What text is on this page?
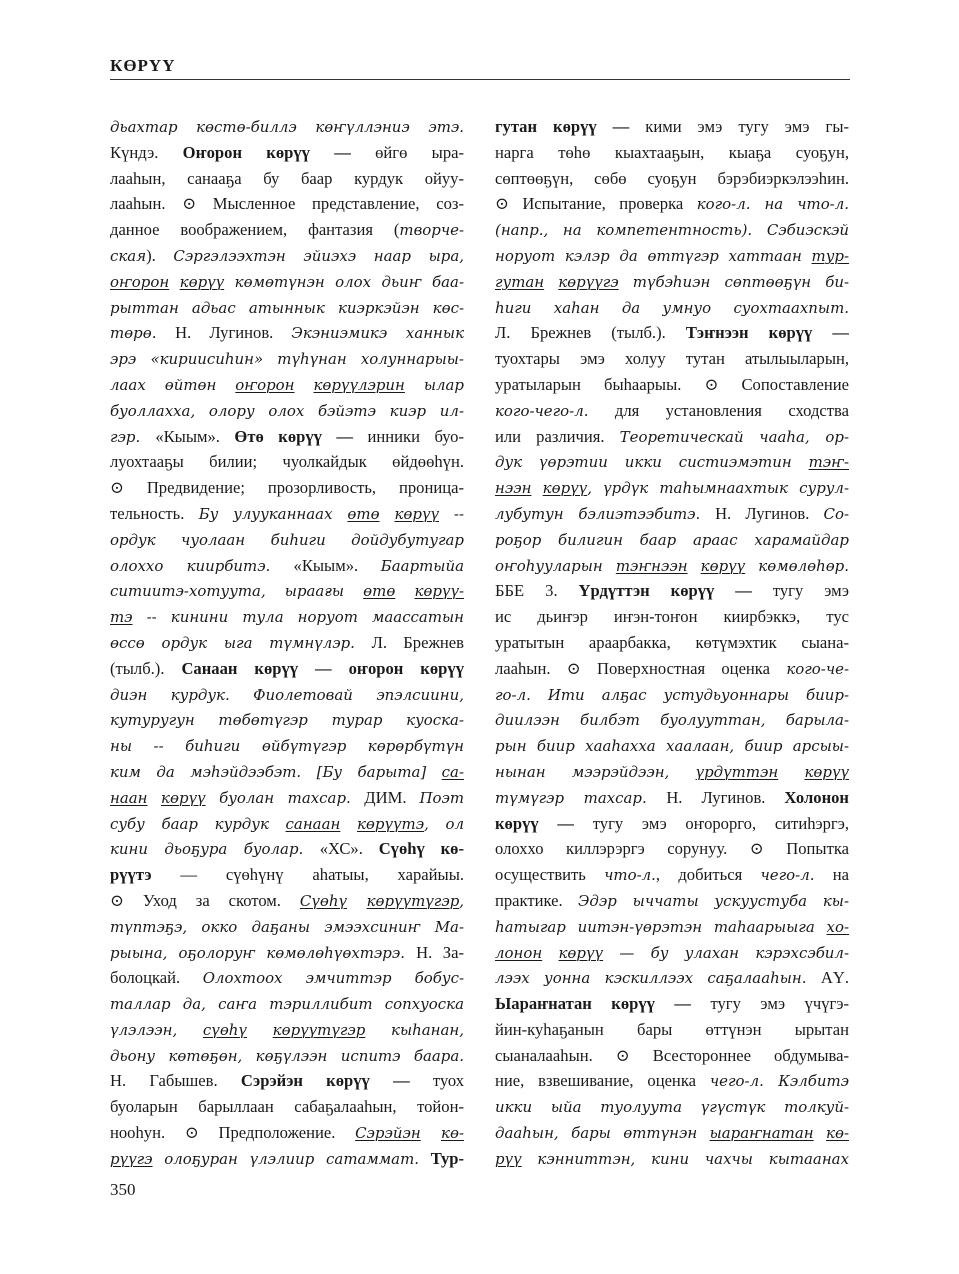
КӨРҮҮ
дьахтар көстө-биллэ көҥүллэниэ этэ.
Күндэ. Оҥорон көрүү — өйгө ыра-
лааһын, санааҕа бу баар курдук ойуу-
лааһын. ⊙ Мысленное представление, соз-
данное воображением, фантазия (творче-
ская). Сэргэлээхтэн эйиэхэ наар ыра,
оҥорон көрүү көмөтүнэн олох дьиҥ баа-
рыттан адьас атыннык киэркэйэн көс-
төрө. Н. Лугинов. Экэниэмикэ ханнык
эрэ «кириисиһин» түһүнан холуннарыы-
лаах өйтөн оҥорон көрүүлэрин ылар
буоллахха, олору олох бэйэтэ киэр ил-
гэр. «Кыым». Өтө көрүү — инники буо-
луохтааҕы билии; чуолкайдык өйдөөһүн.
⊙ Предвидение; прозорливость, проница-
тельность. Бу улууканнаах өтө көрүү --
ордук чуолаан биһиги дойдубутугар
олоххо киирбитэ. «Кыым». Баартыйа
ситиитэ-хотуута, ыраағы өтө көрүү-
тэ -- кинини тула норуот маассатын
өссө ордук ыга түмнүлэр. Л. Брежнев
(тылб.). Санаан көрүү — оҥорон көрүү
диэн курдук. Фиолетовай эпэлсиини,
кутуругун төбөтүгэр турар куоска-
ны -- биһиги өйбүтүгэр көрөрбүтүн
ким да мэһэйдээбэт. [Бу барыта] са-
наан көрүү буолан тахсар. ДИМ. Поэт
субу баар курдук санаан көрүүтэ, ол
кини дьоҕура буолар. «ХС». Сүөһү кө-
рүүтэ — сүөһүнү аһатыы, харайыы.
⊙ Уход за скотом. Сүөһү көрүүтүгэр,
түптэҕэ, окко даҕаны эмээхсиниҥ Ма-
рыына, оҕолоруҥ көмөлөһүөхтэрэ. Н. За-
болоцкай. Олохтоох эмчиттэр бобус-
таллар да, саҥа тэриллибит сопхуоска
үлэлээн, сүөһү көрүүтүгэр кыһанан,
дьону көтөҕөн, көҕүлээн испитэ баара.
Н. Габышев. Сэрэйэн көрүү — туох
буоларын барыллаан сабаҕалааһын, тойон-
нооһун. ⊙ Предположение. Сэрэйэн кө-
рүүгэ олоҕуран үлэлиир сатаммат. Тур-
гутан көрүү — кими эмэ тугу эмэ гы-
нарга төһө кыахтааҕын, кыаҕа суоҕун,
сөптөөҕүн, сөбө суоҕун бэрэбиэркэлээһин.
⊙ Испытание, проверка кого-л. на что-л.
(напр., на компетентность). Сэбиэскэй
норуот кэлэр да өттүгэр хаттаан тур-
гутан көрүүгэ түбэһиэн сөптөөҕүн би-
һиги хаһан да умнуо суохтаахпыт.
Л. Брежнев (тылб.). Тэҥнээн көрүү —
туохтары эмэ холуу тутан атылыыларын,
уратыларын быһаарыы. ⊙ Сопоставление
кого-чего-л. для установления сходства
или различия. Теоретическай чааһа, ор-
дук үөрэтии икки систиэмэтин тэҥ-
нээн көрүү, үрдүк таһымнаахтык сурул-
лубутун бэлиэтээбитэ. Н. Лугинов. Со-
роҕор билигин баар араас харамайдар
оҥоһууларын тэҥнээн көрүү көмөлөһөр.
ББЕ 3. Үрдүттэн көрүү — тугу эмэ
ис дьиҥэр иҥэн-тоҥон киирбэккэ, тус
уратытын араарбакка, көтүмэхтик сыана-
лааһын. ⊙ Поверхностная оценка кого-че-
го-л. Ити алҕас устудьуоннары биир-
диилээн билбэт буолууттан, барыла-
рын биир хааһахха хаалаан, биир арсыы-
нынан мээрэйдээн, үрдүттэн көрүү
түмүгэр тахсар. Н. Лугинов. Холонон
көрүү — тугу эмэ оҥорорго, ситиһэргэ,
олоххо киллэрэргэ сорунуу. ⊙ Попытка
осуществить что-л., добиться чего-л. на
практике. Эдэр ыччаты ускуустуба кы-
һатыгар иитэн-үөрэтэн таһаарыыга хо-
лонон көрүү — бу улахан кэрэхсэбил-
лээх уонна кэскиллээх саҕалааһын. АҮ.
Ыараҥнатан көрүү — тугу эмэ үчүгэ-
йин-куһаҕанын бары өттүнэн ырытан
сыаналааһын. ⊙ Всестороннее обдумыва-
ние, взвешивание, оценка чего-л. Кэлбитэ
икки ыйа туолуута үгүстүк толкуй-
дааһын, бары өттүнэн ыараҥнатан кө-
рүү кэнниттэн, кини чахчы кытаанах
350
